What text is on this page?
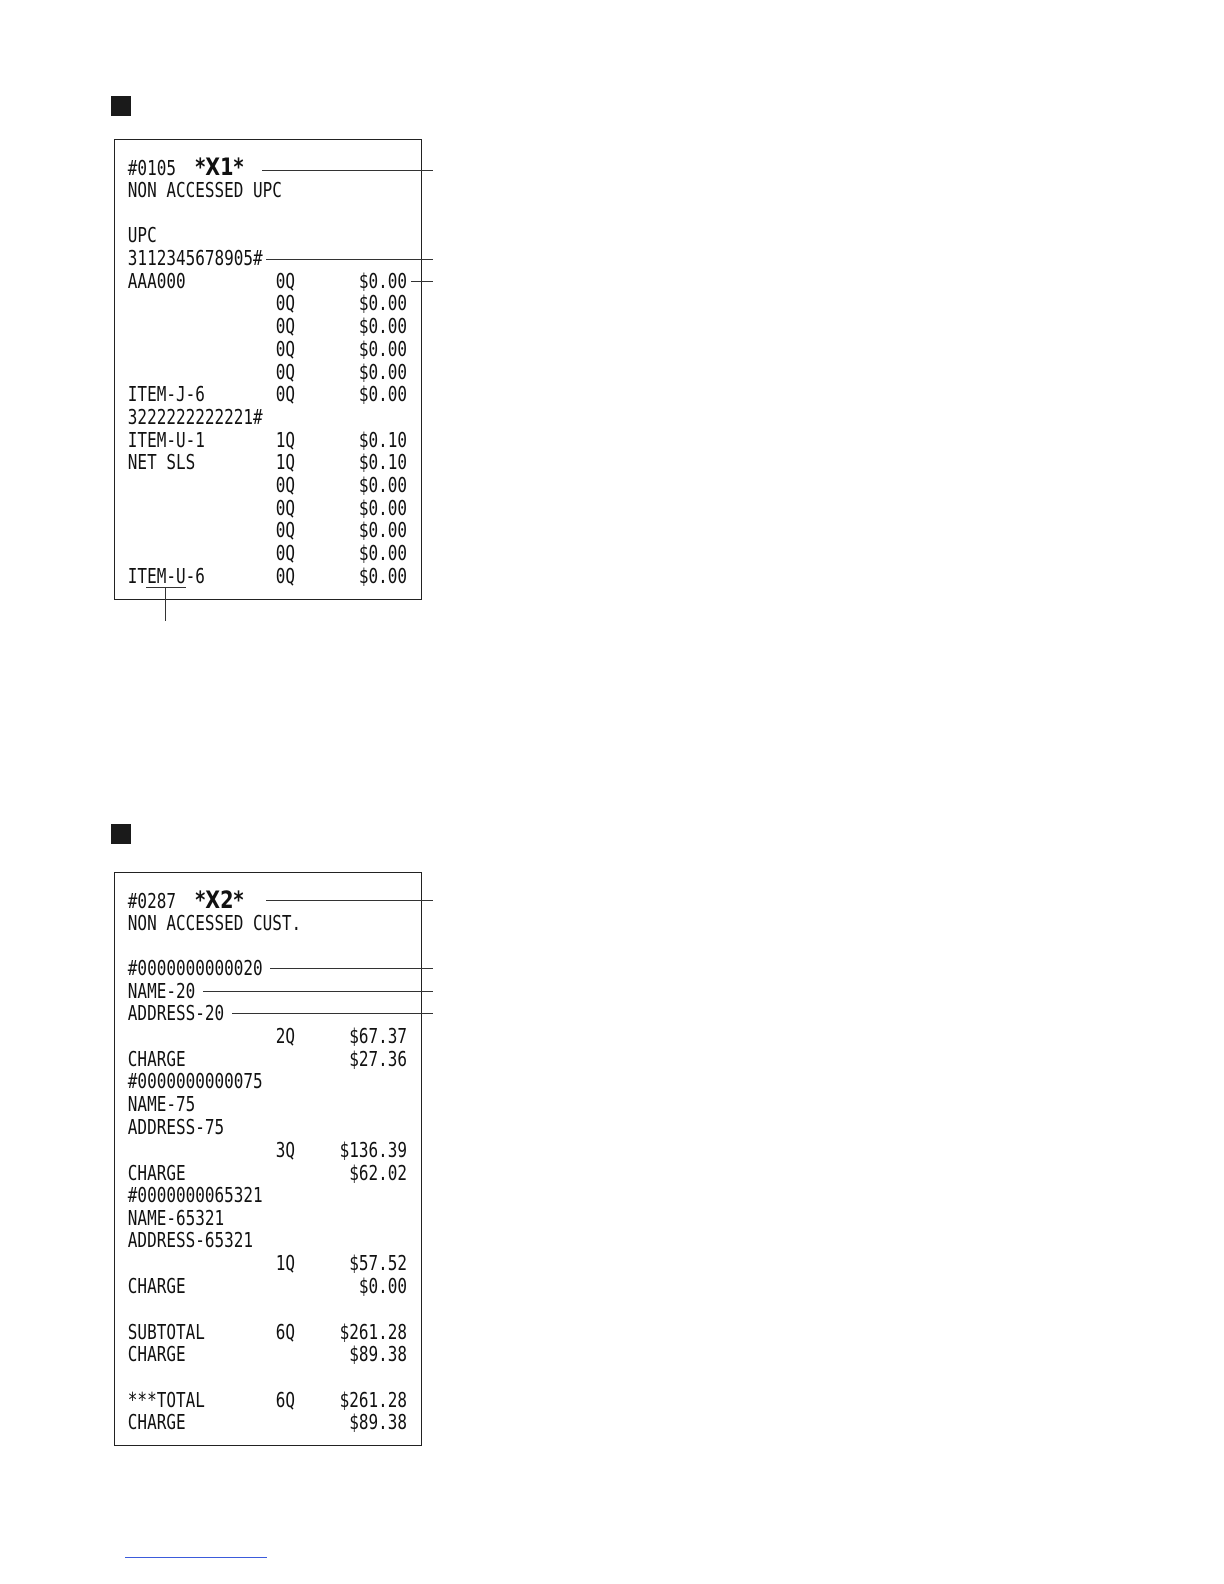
#0105 *X1*
NON ACCESSED UPC
UPC
3112345678905#
AAA000	0Q	$0.00
0Q	$0.00
0Q	$0.00
0Q	$0.00
0Q	$0.00
ITEM-J-6	0Q	$0.00
3222222222221#
ITEM-U-1	1Q	$0.10
NET SLS	1Q	$0.10
0Q	$0.00
0Q	$0.00
0Q	$0.00
0Q	$0.00
ITEM-U-6	0Q	$0.00
#0287 *X2*
NON ACCESSED CUST.
#0000000000020
NAME-20
ADDRESS-20
2Q	$67.37
CHARGE	$27.36
#0000000000075
NAME-75
ADDRESS-75
3Q	$136.39
CHARGE	$62.02
#0000000065321
NAME-65321
ADDRESS-65321
1Q	$57.52
CHARGE	$0.00
SUBTOTAL	6Q	$261.28
CHARGE	$89.38
***TOTAL	6Q	$261.28
CHARGE	$89.38
